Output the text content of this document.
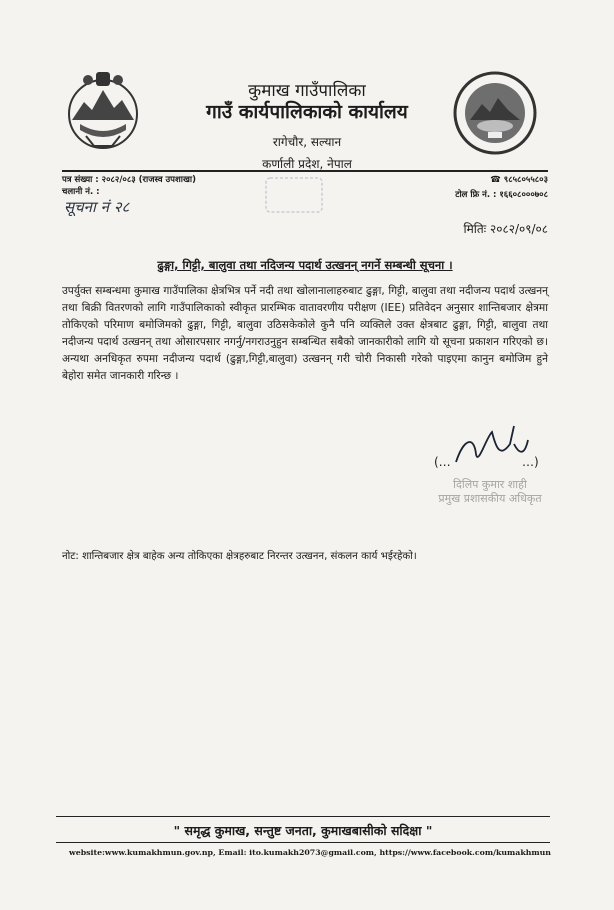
कुमाख गाउँपालिका
गाउँ कार्यपालिकाको कार्यालय
रागेचौर, सल्यान
कर्णाली प्रदेश, नेपाल
पत्र संख्या : २०८२/०८३ (राजस्व उपशाखा)
चलानी नं. :
☎ ९८५८०५५८०३
टोल फ्रि नं. : १६६०८०००७०८
सूचना नं २८
मितिः २०८२/०९/०८
ढुङ्गा, गिट्टी, बालुवा तथा नदिजन्य पदार्थ उत्खनन् नगर्ने सम्बन्धी सूचना ।
उपर्युक्त सम्बन्धमा कुमाख गाउँपालिका क्षेत्रभित्र पर्ने नदी तथा खोलानालाहरुबाट ढुङ्गा, गिट्टी, बालुवा तथा नदीजन्य पदार्थ उत्खनन् तथा बिक्री वितरणको लागि गाउँपालिकाको स्वीकृत प्रारम्भिक वातावरणीय परीक्षण (IEE) प्रतिवेदन अनुसार शान्तिबजार क्षेत्रमा तोकिएको परिमाण बमोजिमको ढुङ्गा, गिट्टी, बालुवा उठिसकेकोले कुनै पनि व्यक्तिले उक्त क्षेत्रबाट ढुङ्गा, गिट्टी, बालुवा तथा नदीजन्य पदार्थ उत्खनन् तथा ओसारपसार नगर्नु/नगराउनुहुन सम्बन्धित सबैको जानकारीको लागि यो सूचना प्रकाशन गरिएको छ। अन्यथा अनधिकृत रुपमा नदीजन्य पदार्थ (ढुङ्गा,गिट्टी,बालुवा) उत्खनन् गरी चोरी निकासी गरेको पाइएमा कानुन बमोजिम हुने बेहोरा समेत जानकारी गरिन्छ ।
(…	…)
दिलिप कुमार शाही
प्रमुख प्रशासकीय अधिकृत
नोट: शान्तिबजार क्षेत्र बाहेक अन्य तोकिएका क्षेत्रहरुबाट निरन्तर उत्खनन, संकलन कार्य भईरहेको।
" समृद्ध कुमाख, सन्तुष्ट जनता, कुमाखबासीको सदिक्षा "
website:www.kumakhmun.gov.np, Email: ito.kumakh2073@gmail.com, https://www.facebook.com/kumakhmun
